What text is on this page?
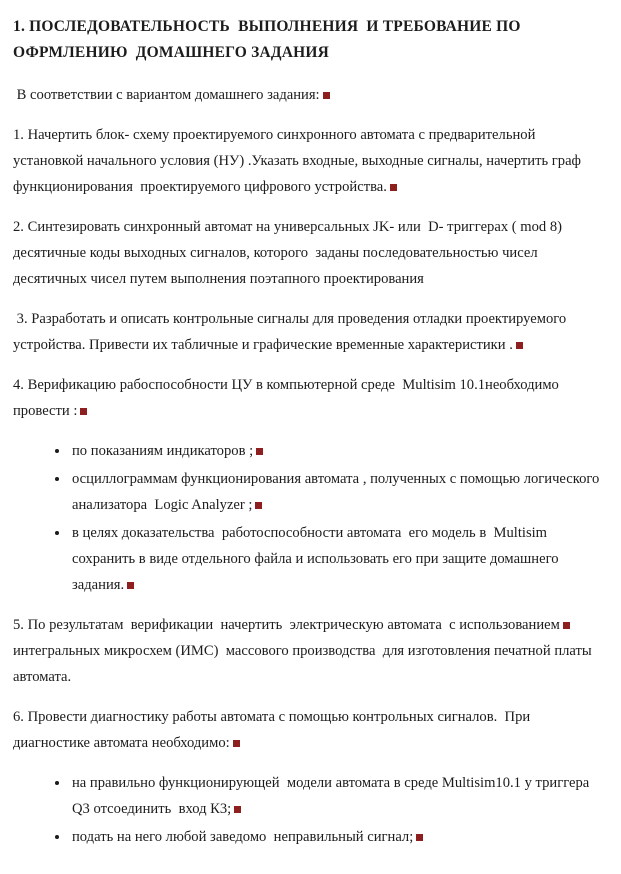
1. ПОСЛЕДОВАТЕЛЬНОСТЬ  ВЫПОЛНЕНИЯ  И ТРЕБОВАНИЕ ПО ОФРМЛЕНИЮ  ДОМАШНЕГО ЗАДАНИЯ

В соответствии с вариантом домашнего задания:

1. Начертить блок- схему проектируемого синхронного автомата с предварительной установкой начального условия (НУ) .Указать входные, выходные сигналы, начертить граф функционирования  проектируемого цифрового устройства.

2. Синтезировать синхронный автомат на универсальных JK- или  D- триггерах ( mod 8) десятичные коды выходных сигналов, которого  заданы последовательностью чисел десятичных чисел путем выполнения поэтапного проектирования

3. Разработать и описать контрольные сигналы для проведения отладки проектируемого устройства. Привести их табличные и графические временные характеристики .

4. Верификацию рабоспособности ЦУ в компьютерной среде  Multisim 10.1необходимо провести :

• по показаниям индикаторов ;
• осциллограммам функционирования автомата , полученных с помощью логического анализатора  Logic Analyzer ;
• в целях доказательства  работоспособности автомата  его модель в  Multisim сохранить в виде отдельного файла и использовать его при защите домашнего задания.

5. По результатам  верификации  начертить  электрическую автомата  с использованием интегральных микросхем (ИМС)  массового производства  для изготовления печатной платы автомата.

6. Провести диагностику работы автомата с помощью контрольных сигналов.  При диагностике автомата необходимо:

• на правильно функционирующей  модели автомата в среде Multisim10.1 у триггера Q3 отсоединить  вход К3;
• подать на него любой заведомо  неправильный сигнал;
